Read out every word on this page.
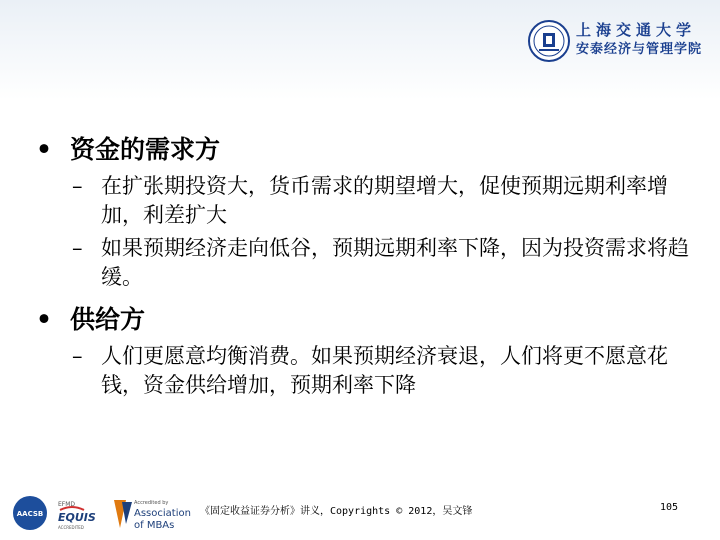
上海交通大学
安泰经济与管理学院
• 资金的需求方
– 在扩张期投资大，货币需求的期望增大，促使预期远期利率增加，利差扩大
– 如果预期经济走向低谷，预期远期利率下降，因为投资需求将趋缓。
• 供给方
– 人们更愿意均衡消费。如果预期经济衰退，人们将更不愿意花钱，资金供给增加，预期利率下降
AACSB
EFMD
EQUIS
ACCREDITED
Accredited by
Association
of MBAs
《固定收益证券分析》讲义，Copyrights © 2012，吴文锋	105
